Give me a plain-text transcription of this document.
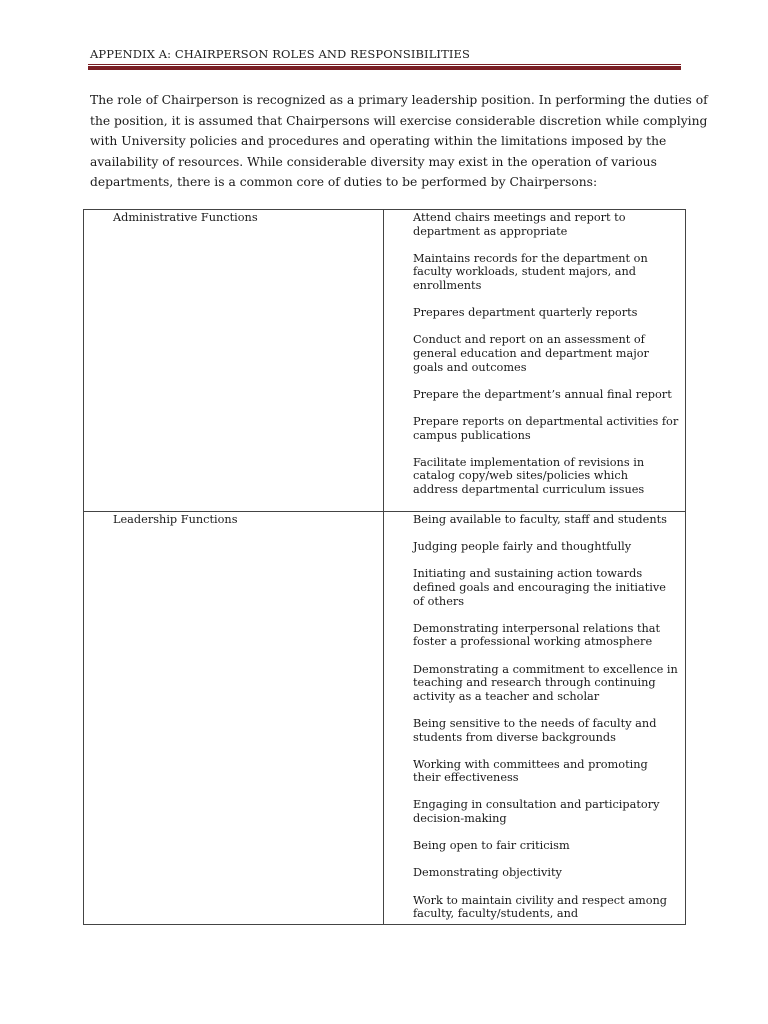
APPENDIX A: CHAIRPERSON ROLES AND RESPONSIBILITIES
The role of Chairperson is recognized as a primary leadership position. In performing the duties of
the position, it is assumed that Chairpersons will exercise considerable discretion while complying
with University policies and procedures and operating within the limitations imposed by the
availability of resources. While considerable diversity may exist in the operation of various
departments, there is a common core of duties to be performed by Chairpersons:
Administrative Functions	Attend chairs meetings and report to
department as appropriate
Maintains records for the department on
faculty workloads, student majors, and
enrollments
Prepares department quarterly reports
Conduct and report on an assessment of
general education and department major
goals and outcomes
Prepare the department’s annual final report
Prepare reports on departmental activities for
campus publications
Facilitate implementation of revisions in
catalog copy/web sites/policies which
address departmental curriculum issues
Leadership Functions	Being available to faculty, staff and students
Judging people fairly and thoughtfully
Initiating and sustaining action towards
defined goals and encouraging the initiative
of others
Demonstrating interpersonal relations that
foster a professional working atmosphere
Demonstrating a commitment to excellence in
teaching and research through continuing
activity as a teacher and scholar
Being sensitive to the needs of faculty and
students from diverse backgrounds
Working with committees and promoting
their effectiveness
Engaging in consultation and participatory
decision-making
Being open to fair criticism
Demonstrating objectivity
Work to maintain civility and respect among
faculty, faculty/students, and
